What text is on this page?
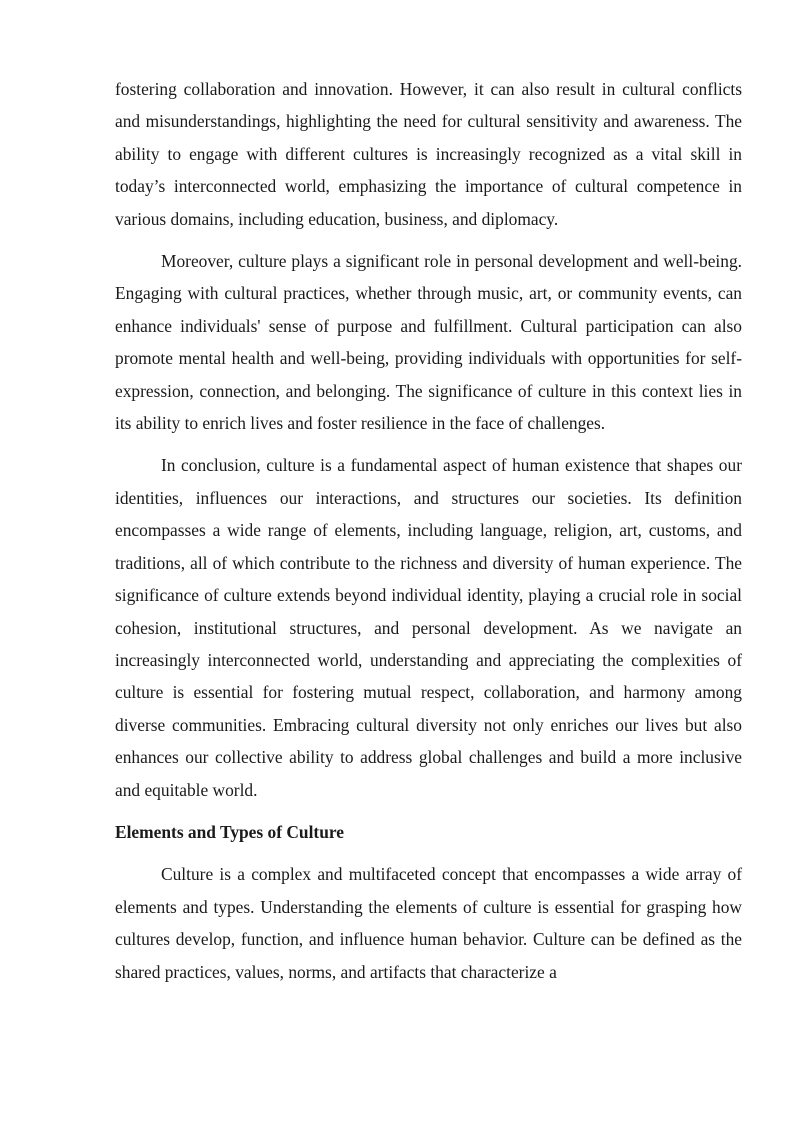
fostering collaboration and innovation. However, it can also result in cultural conflicts and misunderstandings, highlighting the need for cultural sensitivity and awareness. The ability to engage with different cultures is increasingly recognized as a vital skill in today’s interconnected world, emphasizing the importance of cultural competence in various domains, including education, business, and diplomacy.

Moreover, culture plays a significant role in personal development and well-being. Engaging with cultural practices, whether through music, art, or community events, can enhance individuals' sense of purpose and fulfillment. Cultural participation can also promote mental health and well-being, providing individuals with opportunities for self-expression, connection, and belonging. The significance of culture in this context lies in its ability to enrich lives and foster resilience in the face of challenges.

In conclusion, culture is a fundamental aspect of human existence that shapes our identities, influences our interactions, and structures our societies. Its definition encompasses a wide range of elements, including language, religion, art, customs, and traditions, all of which contribute to the richness and diversity of human experience. The significance of culture extends beyond individual identity, playing a crucial role in social cohesion, institutional structures, and personal development. As we navigate an increasingly interconnected world, understanding and appreciating the complexities of culture is essential for fostering mutual respect, collaboration, and harmony among diverse communities. Embracing cultural diversity not only enriches our lives but also enhances our collective ability to address global challenges and build a more inclusive and equitable world.

Elements and Types of Culture

Culture is a complex and multifaceted concept that encompasses a wide array of elements and types. Understanding the elements of culture is essential for grasping how cultures develop, function, and influence human behavior. Culture can be defined as the shared practices, values, norms, and artifacts that characterize a
